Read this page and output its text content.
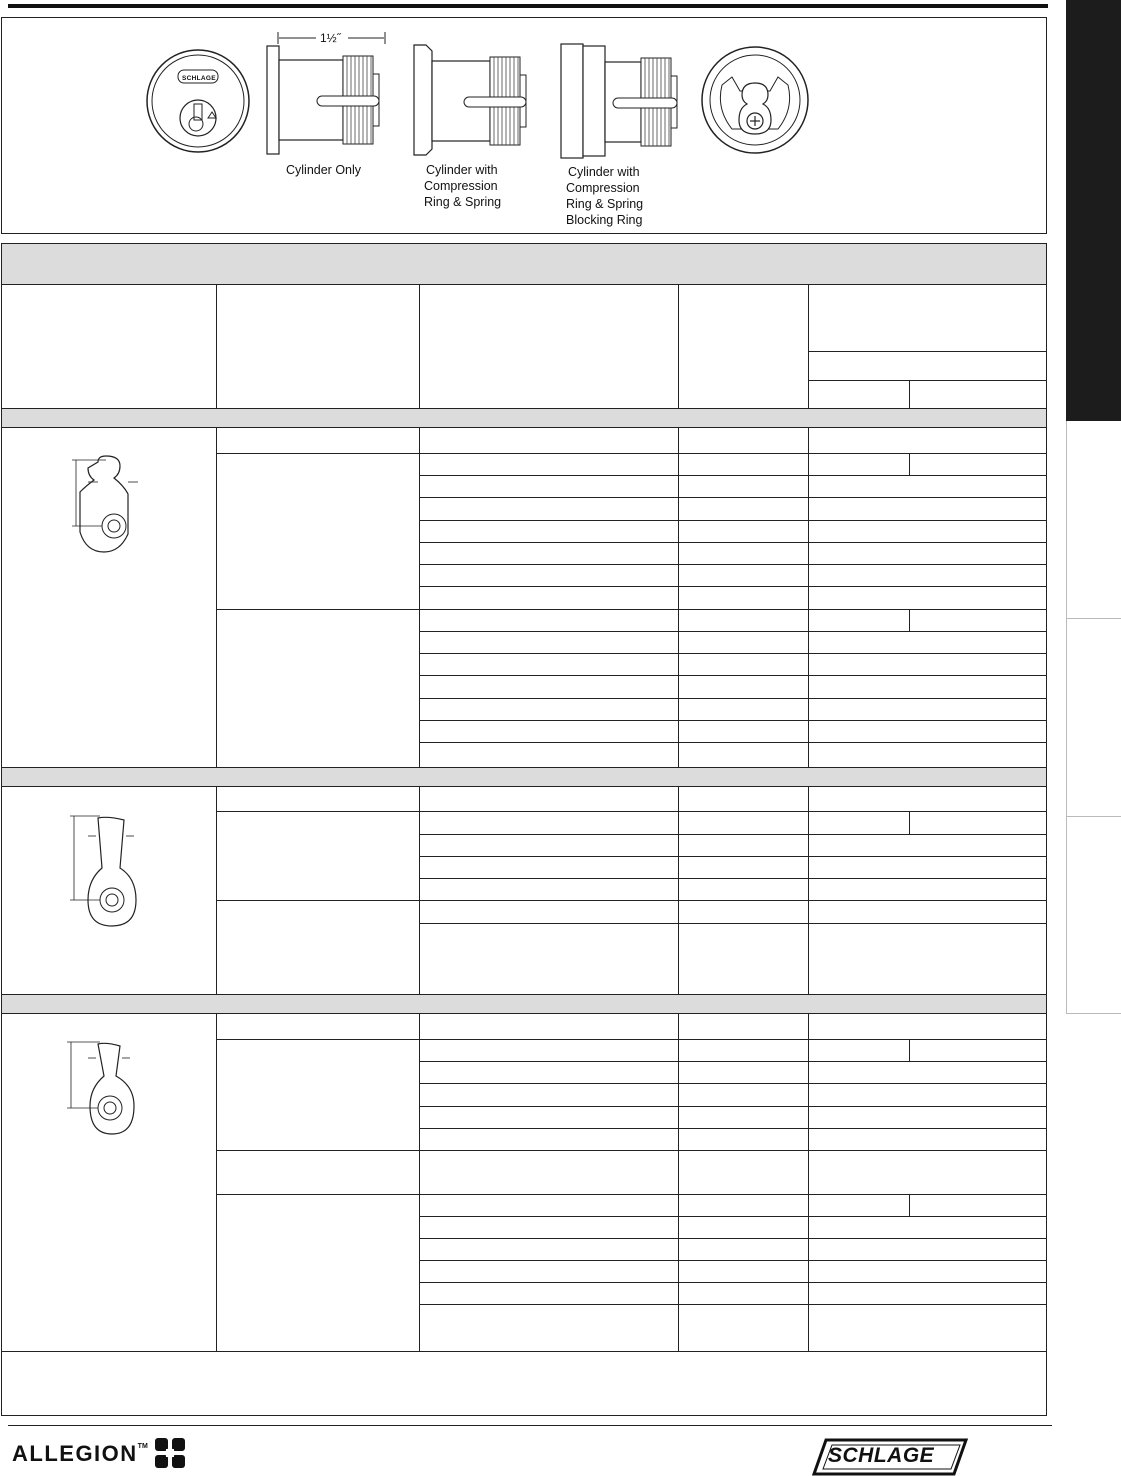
SCHLAGE
1½˝
Cylinder Only	Cylinder with
Compression
Ring & Spring
Cylinder with
Compression
Ring & Spring
Blocking Ring
ALLEGION™	SCHLAGE
